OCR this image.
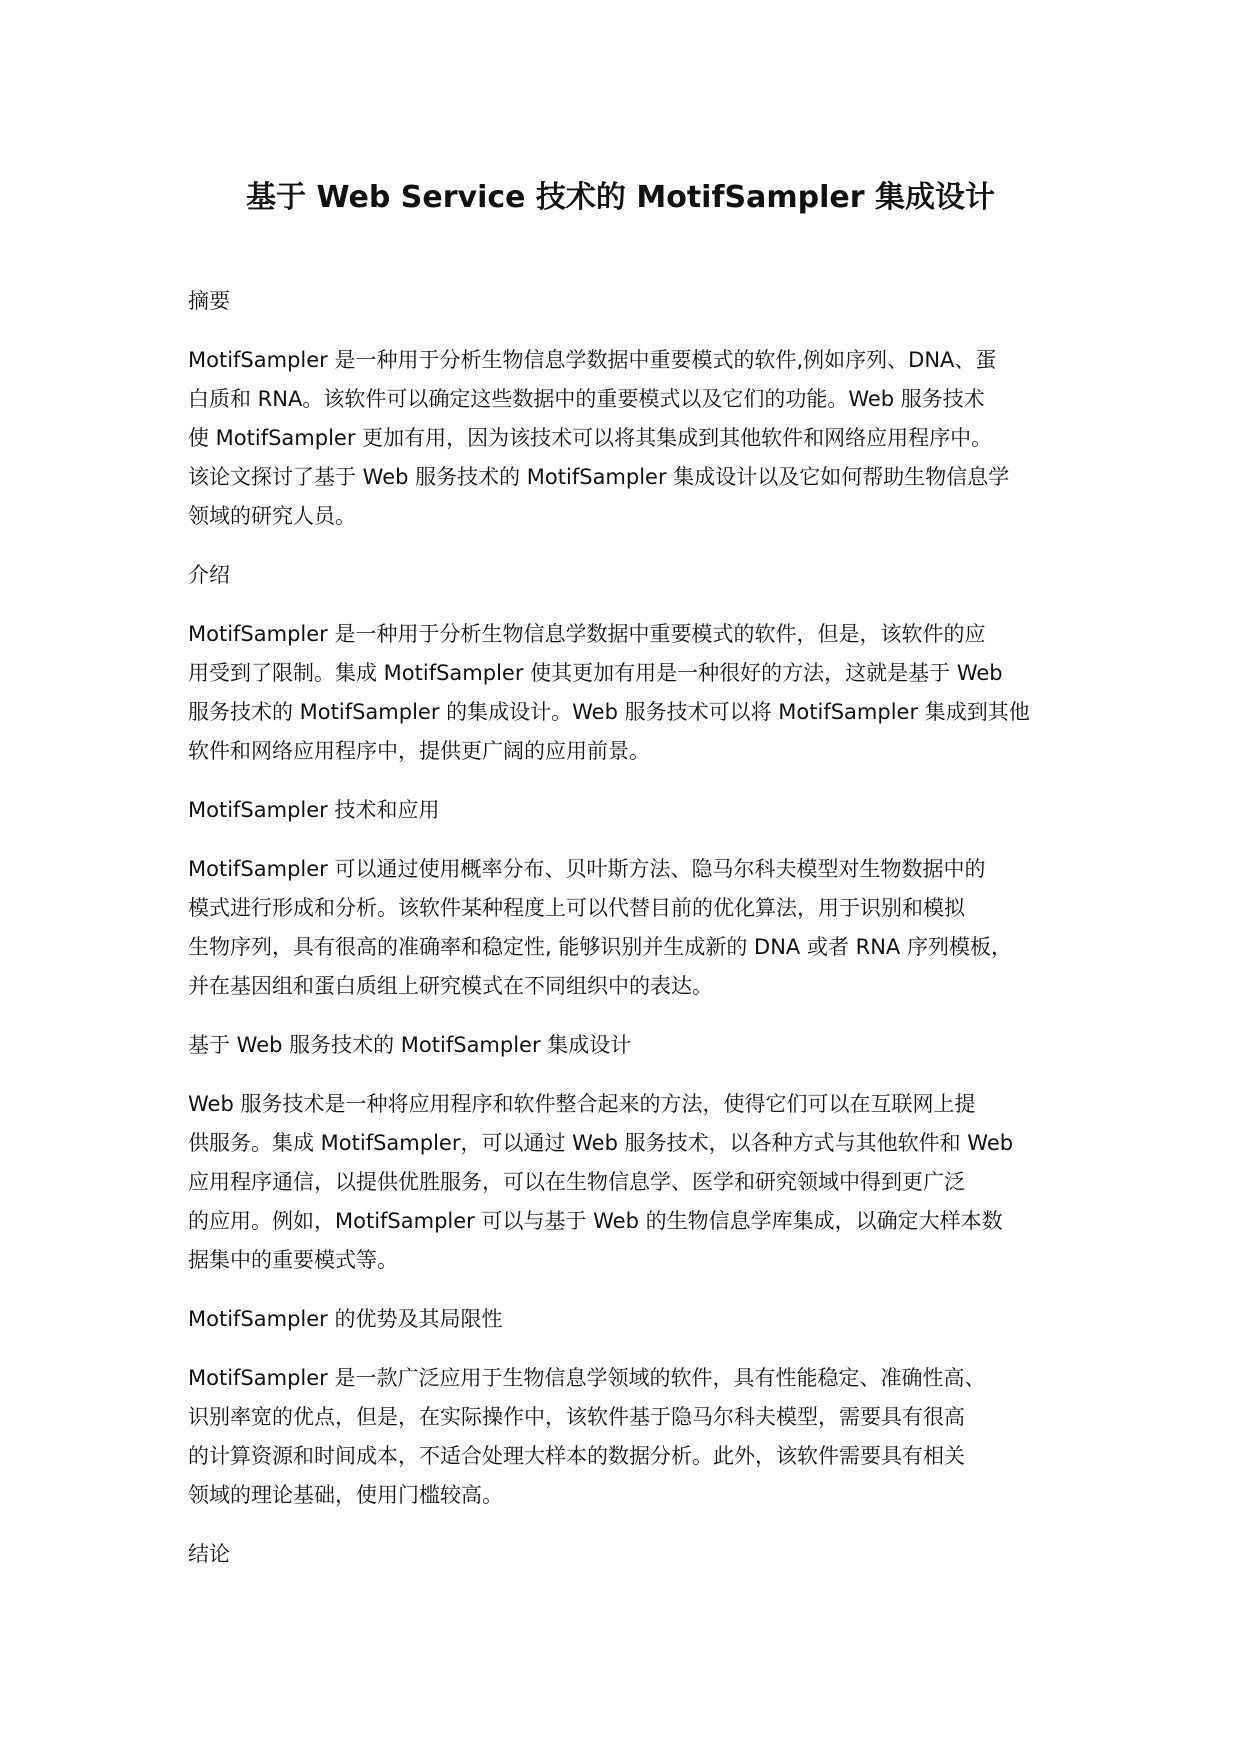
基于 Web Service 技术的 MotifSampler 集成设计
摘要

MotifSampler 是一种用于分析生物信息学数据中重要模式的软件,例如序列、DNA、蛋
白质和 RNA。该软件可以确定这些数据中的重要模式以及它们的功能。Web 服务技术
使 MotifSampler 更加有用，因为该技术可以将其集成到其他软件和网络应用程序中。
该论文探讨了基于 Web 服务技术的 MotifSampler 集成设计以及它如何帮助生物信息学
领域的研究人员。

介绍

MotifSampler 是一种用于分析生物信息学数据中重要模式的软件，但是，该软件的应
用受到了限制。集成 MotifSampler 使其更加有用是一种很好的方法，这就是基于 Web
服务技术的 MotifSampler 的集成设计。Web 服务技术可以将 MotifSampler 集成到其他
软件和网络应用程序中，提供更广阔的应用前景。

MotifSampler 技术和应用

MotifSampler 可以通过使用概率分布、贝叶斯方法、隐马尔科夫模型对生物数据中的
模式进行形成和分析。该软件某种程度上可以代替目前的优化算法，用于识别和模拟
生物序列，具有很高的准确率和稳定性, 能够识别并生成新的 DNA 或者 RNA 序列模板，
并在基因组和蛋白质组上研究模式在不同组织中的表达。

基于 Web 服务技术的 MotifSampler 集成设计

Web 服务技术是一种将应用程序和软件整合起来的方法，使得它们可以在互联网上提
供服务。集成 MotifSampler，可以通过 Web 服务技术，以各种方式与其他软件和 Web
应用程序通信，以提供优胜服务，可以在生物信息学、医学和研究领域中得到更广泛
的应用。例如，MotifSampler 可以与基于 Web 的生物信息学库集成，以确定大样本数
据集中的重要模式等。

MotifSampler 的优势及其局限性

MotifSampler 是一款广泛应用于生物信息学领域的软件，具有性能稳定、准确性高、
识别率宽的优点，但是，在实际操作中，该软件基于隐马尔科夫模型，需要具有很高
的计算资源和时间成本，不适合处理大样本的数据分析。此外，该软件需要具有相关
领域的理论基础，使用门槛较高。

结论
